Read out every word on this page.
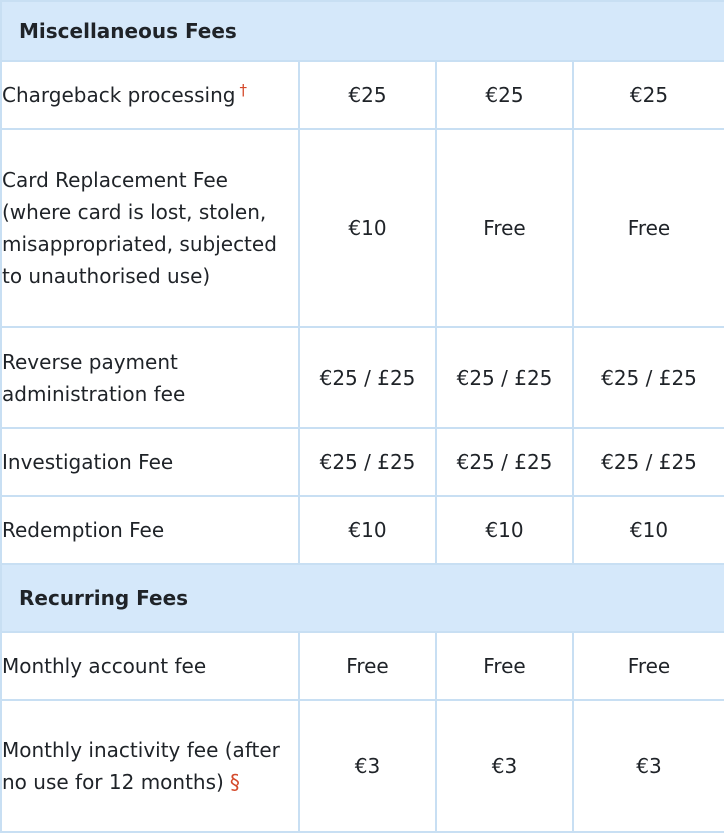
Miscellaneous Fees			
Chargeback processing †	€25	€25	€25
Card Replacement Fee (where card is lost, stolen, misappropriated, subjected to unauthorised use)	€10	Free	Free
Reverse payment administration fee	€25 / £25	€25 / £25	€25 / £25
Investigation Fee	€25 / £25	€25 / £25	€25 / £25
Redemption Fee	€10	€10	€10
Recurring Fees			
Monthly account fee	Free	Free	Free
Monthly inactivity fee (after no use for 12 months) §	€3	€3	€3
